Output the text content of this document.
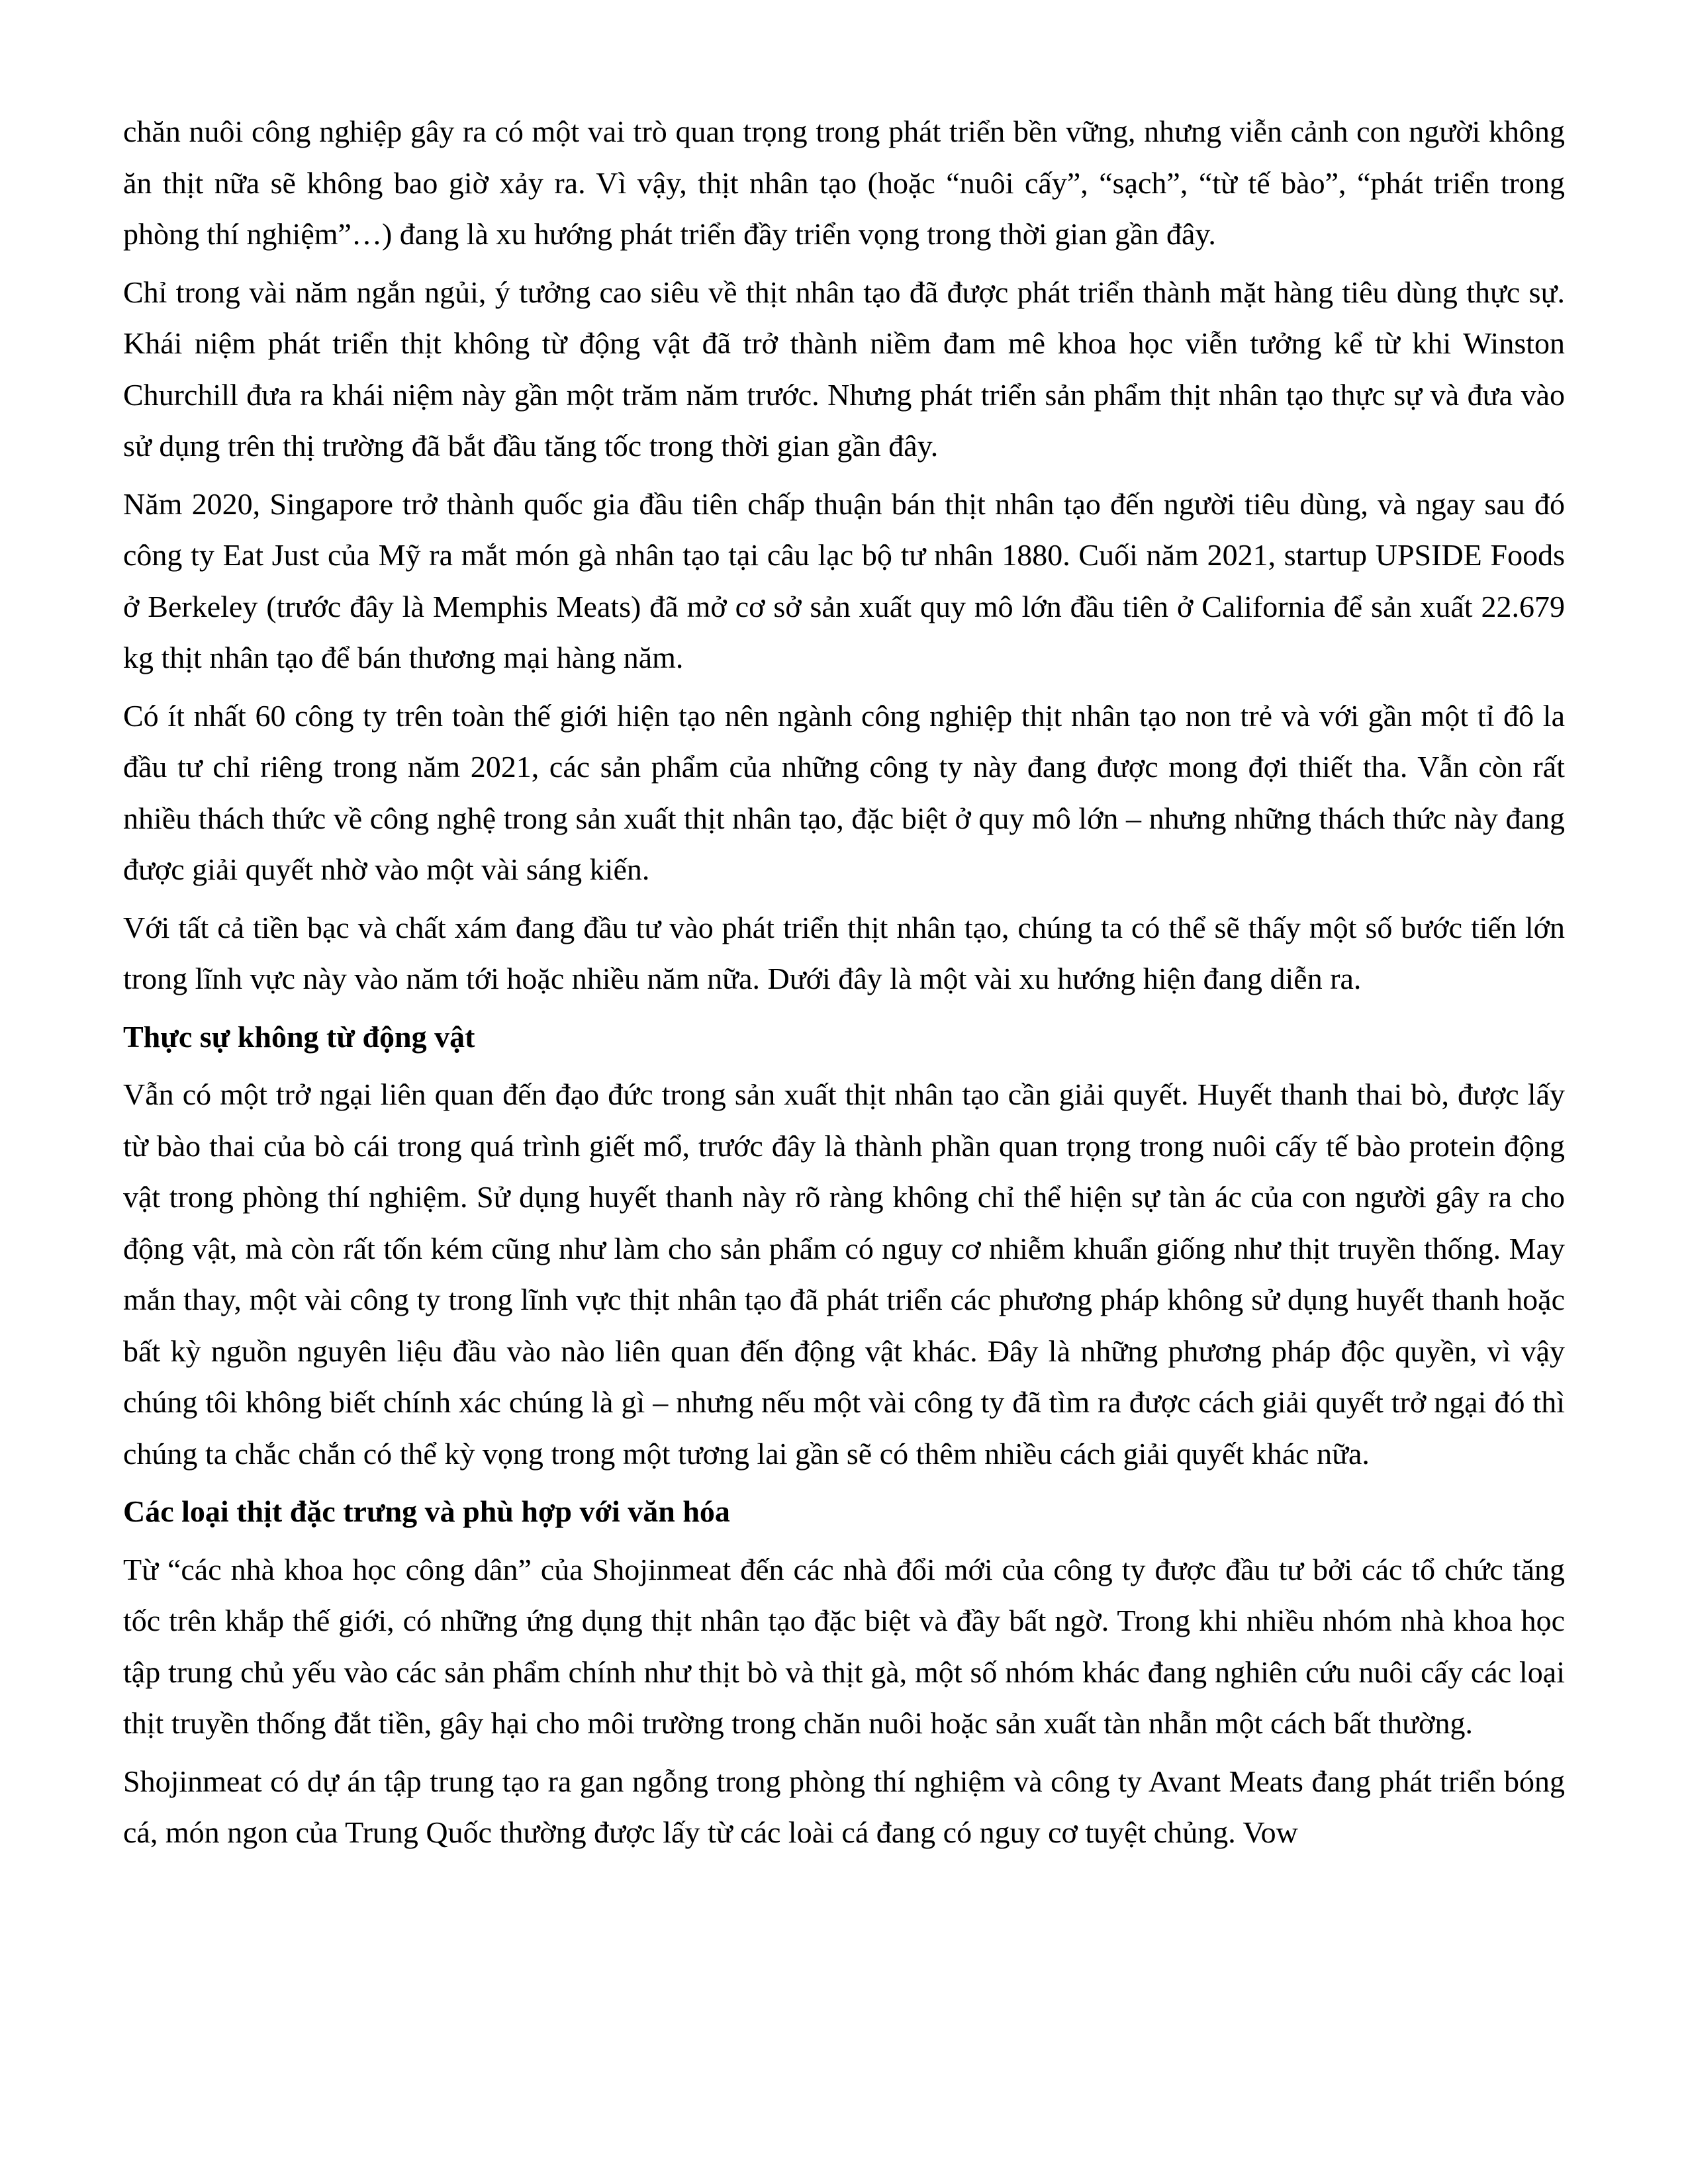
chăn nuôi công nghiệp gây ra có một vai trò quan trọng trong phát triển bền vững, nhưng viễn cảnh con người không ăn thịt nữa sẽ không bao giờ xảy ra. Vì vậy, thịt nhân tạo (hoặc “nuôi cấy”, “sạch”, “từ tế bào”, “phát triển trong phòng thí nghiệm”…) đang là xu hướng phát triển đầy triển vọng trong thời gian gần đây.

Chỉ trong vài năm ngắn ngủi, ý tưởng cao siêu về thịt nhân tạo đã được phát triển thành mặt hàng tiêu dùng thực sự. Khái niệm phát triển thịt không từ động vật đã trở thành niềm đam mê khoa học viễn tưởng kể từ khi Winston Churchill đưa ra khái niệm này gần một trăm năm trước. Nhưng phát triển sản phẩm thịt nhân tạo thực sự và đưa vào sử dụng trên thị trường đã bắt đầu tăng tốc trong thời gian gần đây.

Năm 2020, Singapore trở thành quốc gia đầu tiên chấp thuận bán thịt nhân tạo đến người tiêu dùng, và ngay sau đó công ty Eat Just của Mỹ ra mắt món gà nhân tạo tại câu lạc bộ tư nhân 1880. Cuối năm 2021, startup UPSIDE Foods ở Berkeley (trước đây là Memphis Meats) đã mở cơ sở sản xuất quy mô lớn đầu tiên ở California để sản xuất 22.679 kg thịt nhân tạo để bán thương mại hàng năm.

Có ít nhất 60 công ty trên toàn thế giới hiện tạo nên ngành công nghiệp thịt nhân tạo non trẻ và với gần một tỉ đô la đầu tư chỉ riêng trong năm 2021, các sản phẩm của những công ty này đang được mong đợi thiết tha. Vẫn còn rất nhiều thách thức về công nghệ trong sản xuất thịt nhân tạo, đặc biệt ở quy mô lớn – nhưng những thách thức này đang được giải quyết nhờ vào một vài sáng kiến.

Với tất cả tiền bạc và chất xám đang đầu tư vào phát triển thịt nhân tạo, chúng ta có thể sẽ thấy một số bước tiến lớn trong lĩnh vực này vào năm tới hoặc nhiều năm nữa. Dưới đây là một vài xu hướng hiện đang diễn ra.

Thực sự không từ động vật

Vẫn có một trở ngại liên quan đến đạo đức trong sản xuất thịt nhân tạo cần giải quyết. Huyết thanh thai bò, được lấy từ bào thai của bò cái trong quá trình giết mổ, trước đây là thành phần quan trọng trong nuôi cấy tế bào protein động vật trong phòng thí nghiệm. Sử dụng huyết thanh này rõ ràng không chỉ thể hiện sự tàn ác của con người gây ra cho động vật, mà còn rất tốn kém cũng như làm cho sản phẩm có nguy cơ nhiễm khuẩn giống như thịt truyền thống. May mắn thay, một vài công ty trong lĩnh vực thịt nhân tạo đã phát triển các phương pháp không sử dụng huyết thanh hoặc bất kỳ nguồn nguyên liệu đầu vào nào liên quan đến động vật khác. Đây là những phương pháp độc quyền, vì vậy chúng tôi không biết chính xác chúng là gì – nhưng nếu một vài công ty đã tìm ra được cách giải quyết trở ngại đó thì chúng ta chắc chắn có thể kỳ vọng trong một tương lai gần sẽ có thêm nhiều cách giải quyết khác nữa.

Các loại thịt đặc trưng và phù hợp với văn hóa

Từ “các nhà khoa học công dân” của Shojinmeat đến các nhà đổi mới của công ty được đầu tư bởi các tổ chức tăng tốc trên khắp thế giới, có những ứng dụng thịt nhân tạo đặc biệt và đầy bất ngờ. Trong khi nhiều nhóm nhà khoa học tập trung chủ yếu vào các sản phẩm chính như thịt bò và thịt gà, một số nhóm khác đang nghiên cứu nuôi cấy các loại thịt truyền thống đắt tiền, gây hại cho môi trường trong chăn nuôi hoặc sản xuất tàn nhẫn một cách bất thường.

Shojinmeat có dự án tập trung tạo ra gan ngỗng trong phòng thí nghiệm và công ty Avant Meats đang phát triển bóng cá, món ngon của Trung Quốc thường được lấy từ các loài cá đang có nguy cơ tuyệt chủng. Vow
